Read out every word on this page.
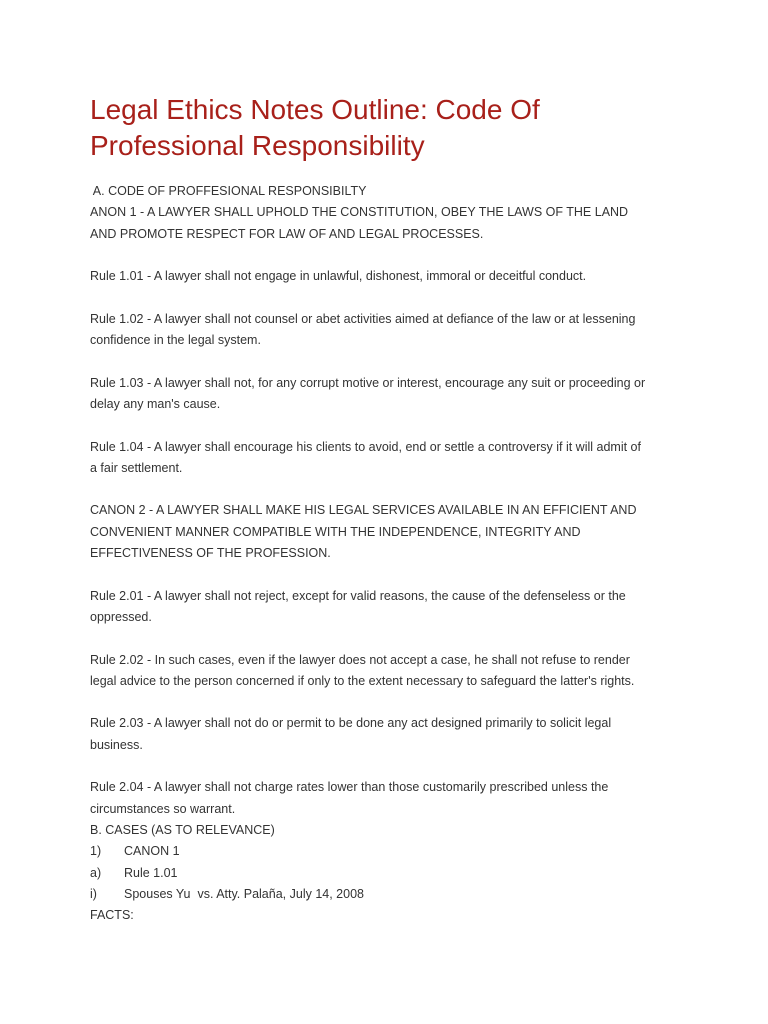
Legal Ethics Notes Outline: Code Of Professional Responsibility
A. CODE OF PROFFESIONAL RESPONSIBILTY
ANON 1 - A LAWYER SHALL UPHOLD THE CONSTITUTION, OBEY THE LAWS OF THE LAND
AND PROMOTE RESPECT FOR LAW OF AND LEGAL PROCESSES.
Rule 1.01 - A lawyer shall not engage in unlawful, dishonest, immoral or deceitful conduct.
Rule 1.02 - A lawyer shall not counsel or abet activities aimed at defiance of the law or at lessening
confidence in the legal system.
Rule 1.03 - A lawyer shall not, for any corrupt motive or interest, encourage any suit or proceeding or
delay any man's cause.
Rule 1.04 - A lawyer shall encourage his clients to avoid, end or settle a controversy if it will admit of
a fair settlement.
CANON 2 - A LAWYER SHALL MAKE HIS LEGAL SERVICES AVAILABLE IN AN EFFICIENT AND
CONVENIENT MANNER COMPATIBLE WITH THE INDEPENDENCE, INTEGRITY AND
EFFECTIVENESS OF THE PROFESSION.
Rule 2.01 - A lawyer shall not reject, except for valid reasons, the cause of the defenseless or the
oppressed.
Rule 2.02 - In such cases, even if the lawyer does not accept a case, he shall not refuse to render
legal advice to the person concerned if only to the extent necessary to safeguard the latter's rights.
Rule 2.03 - A lawyer shall not do or permit to be done any act designed primarily to solicit legal
business.
Rule 2.04 - A lawyer shall not charge rates lower than those customarily prescribed unless the
circumstances so warrant.
B. CASES (AS TO RELEVANCE)
1) CANON 1
a) Rule 1.01
i) Spouses Yu  vs. Atty. Palaña, July 14, 2008
FACTS:
